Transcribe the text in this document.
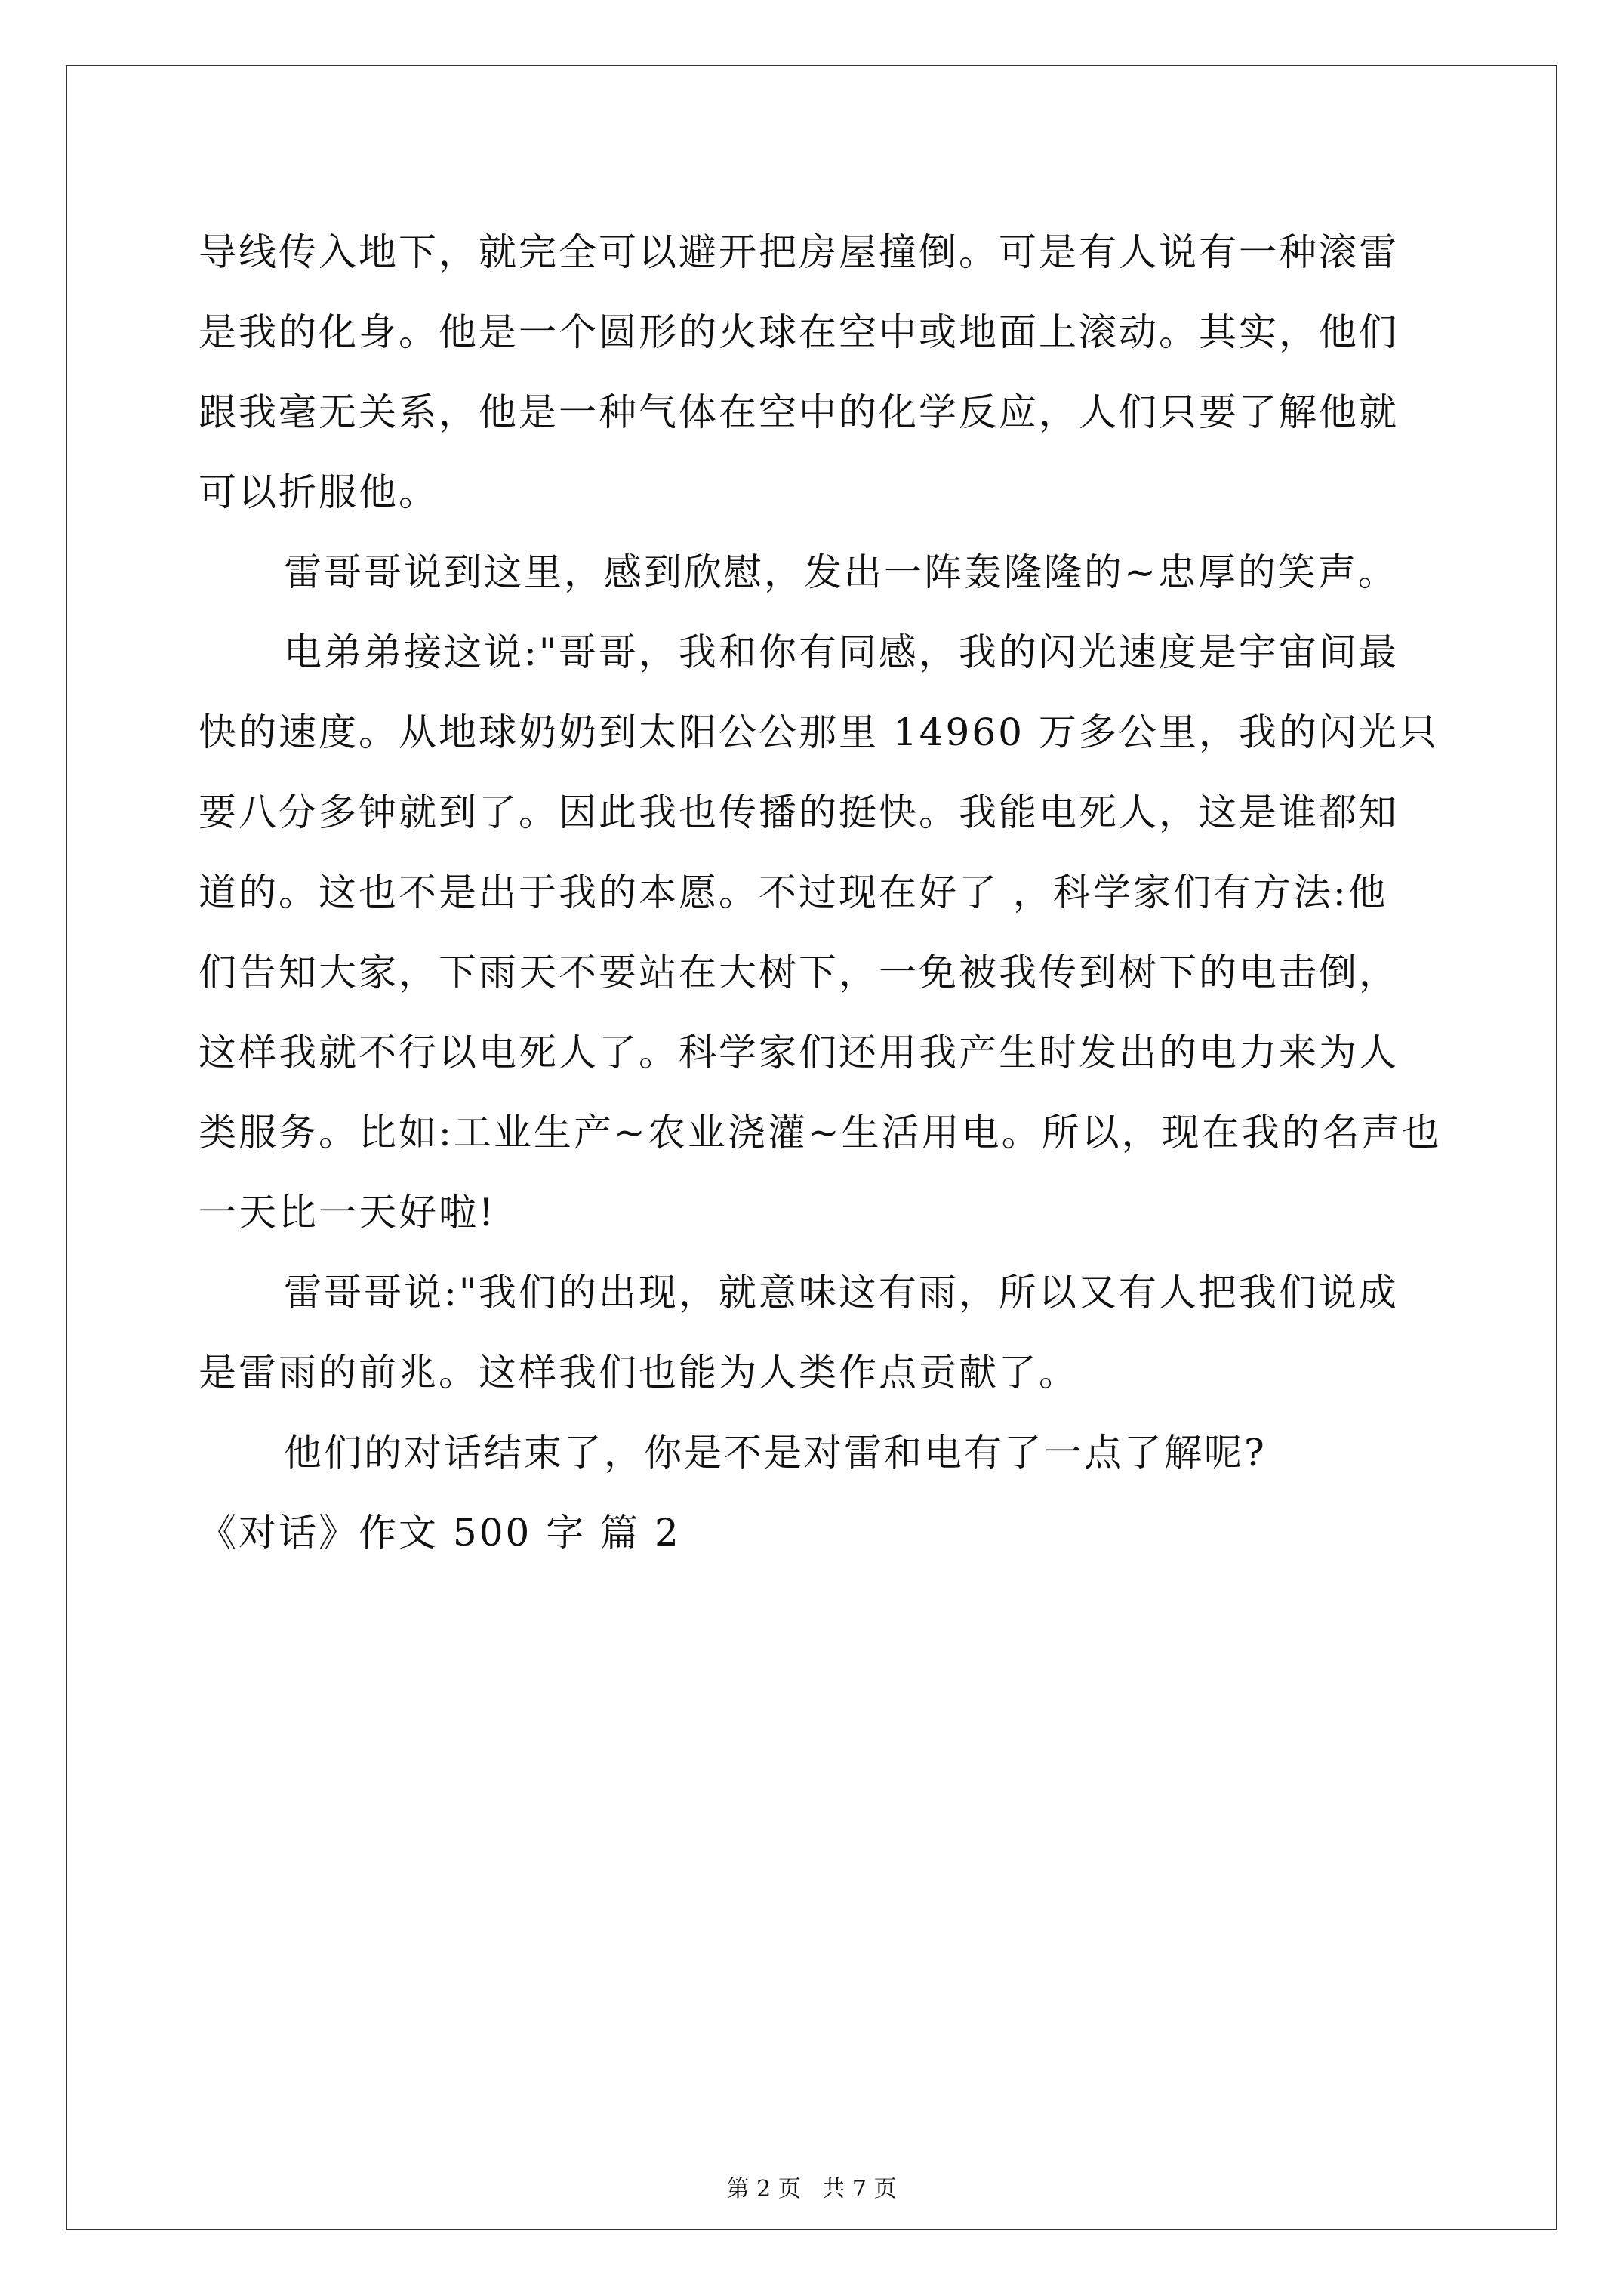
导线传入地下，就完全可以避开把房屋撞倒。可是有人说有一种滚雷
是我的化身。他是一个圆形的火球在空中或地面上滚动。其实，他们
跟我毫无关系，他是一种气体在空中的化学反应，人们只要了解他就
可以折服他。
雷哥哥说到这里，感到欣慰，发出一阵轰隆隆的~忠厚的笑声。
电弟弟接这说:"哥哥，我和你有同感，我的闪光速度是宇宙间最
快的速度。从地球奶奶到太阳公公那里 14960 万多公里，我的闪光只
要八分多钟就到了。因此我也传播的挺快。我能电死人，这是谁都知
道的。这也不是出于我的本愿。不过现在好了 ，科学家们有方法:他
们告知大家，下雨天不要站在大树下，一免被我传到树下的电击倒，
这样我就不行以电死人了。科学家们还用我产生时发出的电力来为人
类服务。比如:工业生产~农业浇灌~生活用电。所以，现在我的名声也
一天比一天好啦!
雷哥哥说:"我们的出现，就意味这有雨，所以又有人把我们说成
是雷雨的前兆。这样我们也能为人类作点贡献了。
他们的对话结束了，你是不是对雷和电有了一点了解呢?
《对话》作文 500 字 篇 2
第 2 页   共 7 页
